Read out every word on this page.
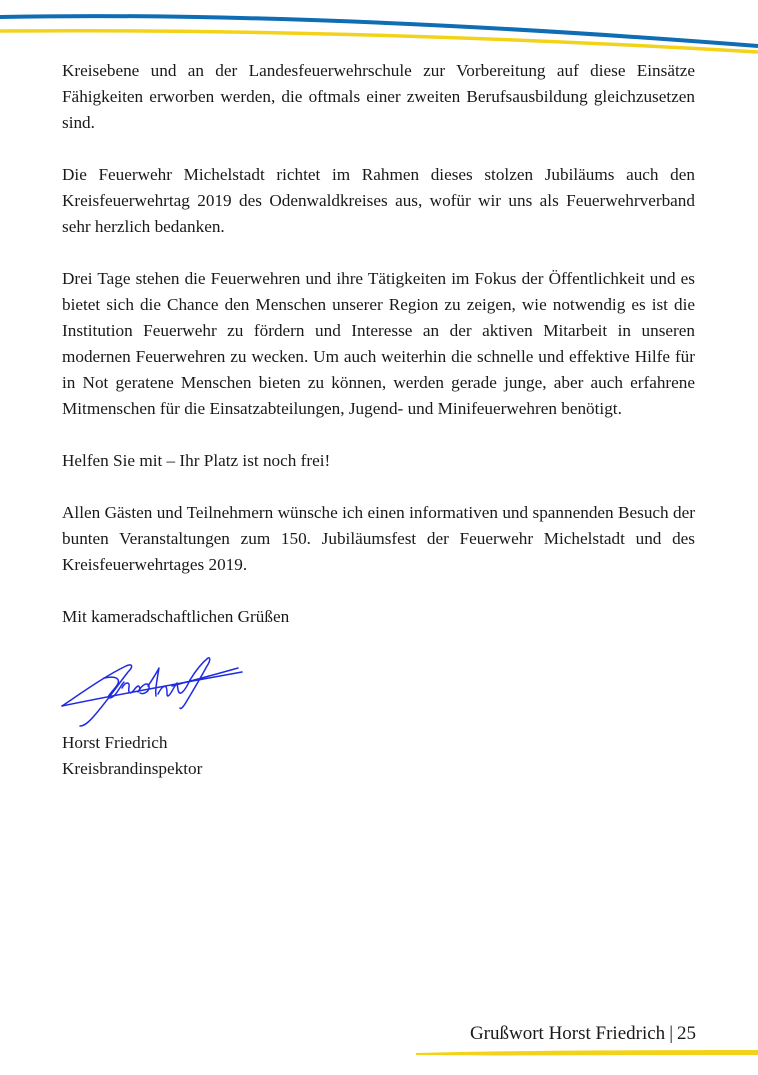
Kreisebene und an der Landesfeuerwehrschule zur Vorbereitung auf diese Einsätze Fähigkeiten erworben werden, die oftmals einer zweiten Berufsausbildung gleichzusetzen sind.

Die Feuerwehr Michelstadt richtet im Rahmen dieses stolzen Jubiläums auch den Kreisfeuerwehrtag 2019 des Odenwaldkreises aus, wofür wir uns als Feuerwehrverband sehr herzlich bedanken.

Drei Tage stehen die Feuerwehren und ihre Tätigkeiten im Fokus der Öffentlichkeit und es bietet sich die Chance den Menschen unserer Region zu zeigen, wie notwendig es ist die Institution Feuerwehr zu fördern und Interesse an der aktiven Mitarbeit in unseren modernen Feuerwehren zu wecken. Um auch weiterhin die schnelle und effektive Hilfe für in Not geratene Menschen bieten zu können, werden gerade junge, aber auch erfahrene Mitmenschen für die Einsatzabteilungen, Jugend- und Minifeuerwehren benötigt.

Helfen Sie mit – Ihr Platz ist noch frei!

Allen Gästen und Teilnehmern wünsche ich einen informativen und spannenden Besuch der bunten Veranstaltungen zum 150. Jubiläumsfest der Feuerwehr Michelstadt und des Kreisfeuerwehrtages 2019.

Mit kameradschaftlichen Grüßen

Horst Friedrich
Kreisbrandinspektor
Grußwort Horst Friedrich | 25
